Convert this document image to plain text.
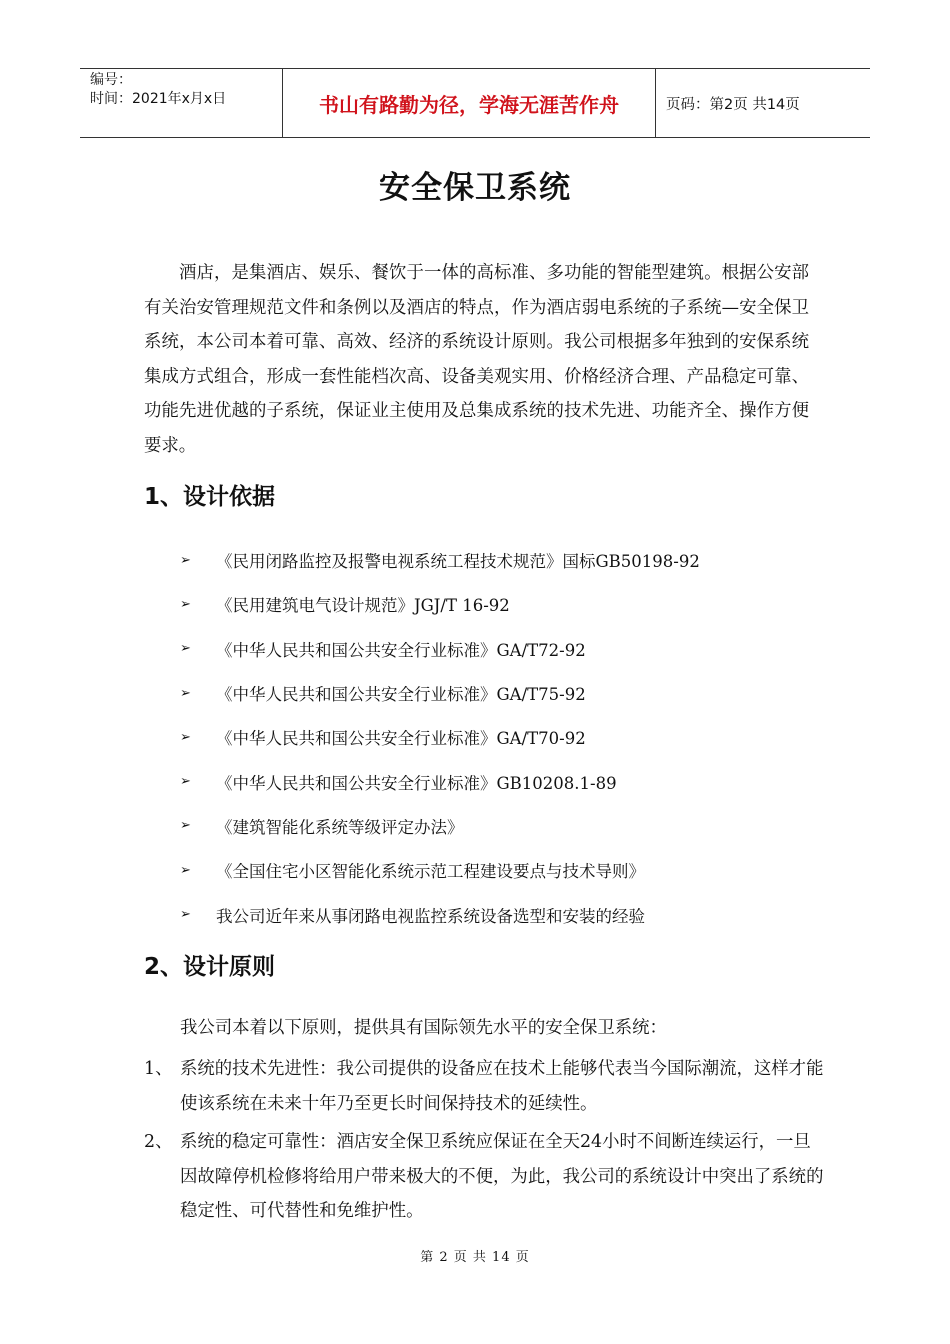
编号：
时间：2021年x月x日	书山有路勤为径，学海无涯苦作舟	页码：第2页 共14页
安全保卫系统

酒店，是集酒店、娱乐、餐饮于一体的高标准、多功能的智能型建筑。根据公安部有关治安管理规范文件和条例以及酒店的特点，作为酒店弱电系统的子系统—安全保卫系统，本公司本着可靠、高效、经济的系统设计原则。我公司根据多年独到的安保系统集成方式组合，形成一套性能档次高、设备美观实用、价格经济合理、产品稳定可靠、功能先进优越的子系统，保证业主使用及总集成系统的技术先进、功能齐全、操作方便要求。

1、设计依据
➢	《民用闭路监控及报警电视系统工程技术规范》国标GB50198-92
➢	《民用建筑电气设计规范》JGJ/T 16-92
➢	《中华人民共和国公共安全行业标准》GA/T72-92
➢	《中华人民共和国公共安全行业标准》GA/T75-92
➢	《中华人民共和国公共安全行业标准》GA/T70-92
➢	《中华人民共和国公共安全行业标准》GB10208.1-89
➢	《建筑智能化系统等级评定办法》
➢	《全国住宅小区智能化系统示范工程建设要点与技术导则》
➢	我公司近年来从事闭路电视监控系统设备选型和安装的经验
2、设计原则

我公司本着以下原则，提供具有国际领先水平的安全保卫系统：

1、 系统的技术先进性：我公司提供的设备应在技术上能够代表当今国际潮流，这样才能使该系统在未来十年乃至更长时间保持技术的延续性。
2、 系统的稳定可靠性：酒店安全保卫系统应保证在全天24小时不间断连续运行，一旦因故障停机检修将给用户带来极大的不便，为此，我公司的系统设计中突出了系统的稳定性、可代替性和免维护性。
第 2 页 共 14 页
